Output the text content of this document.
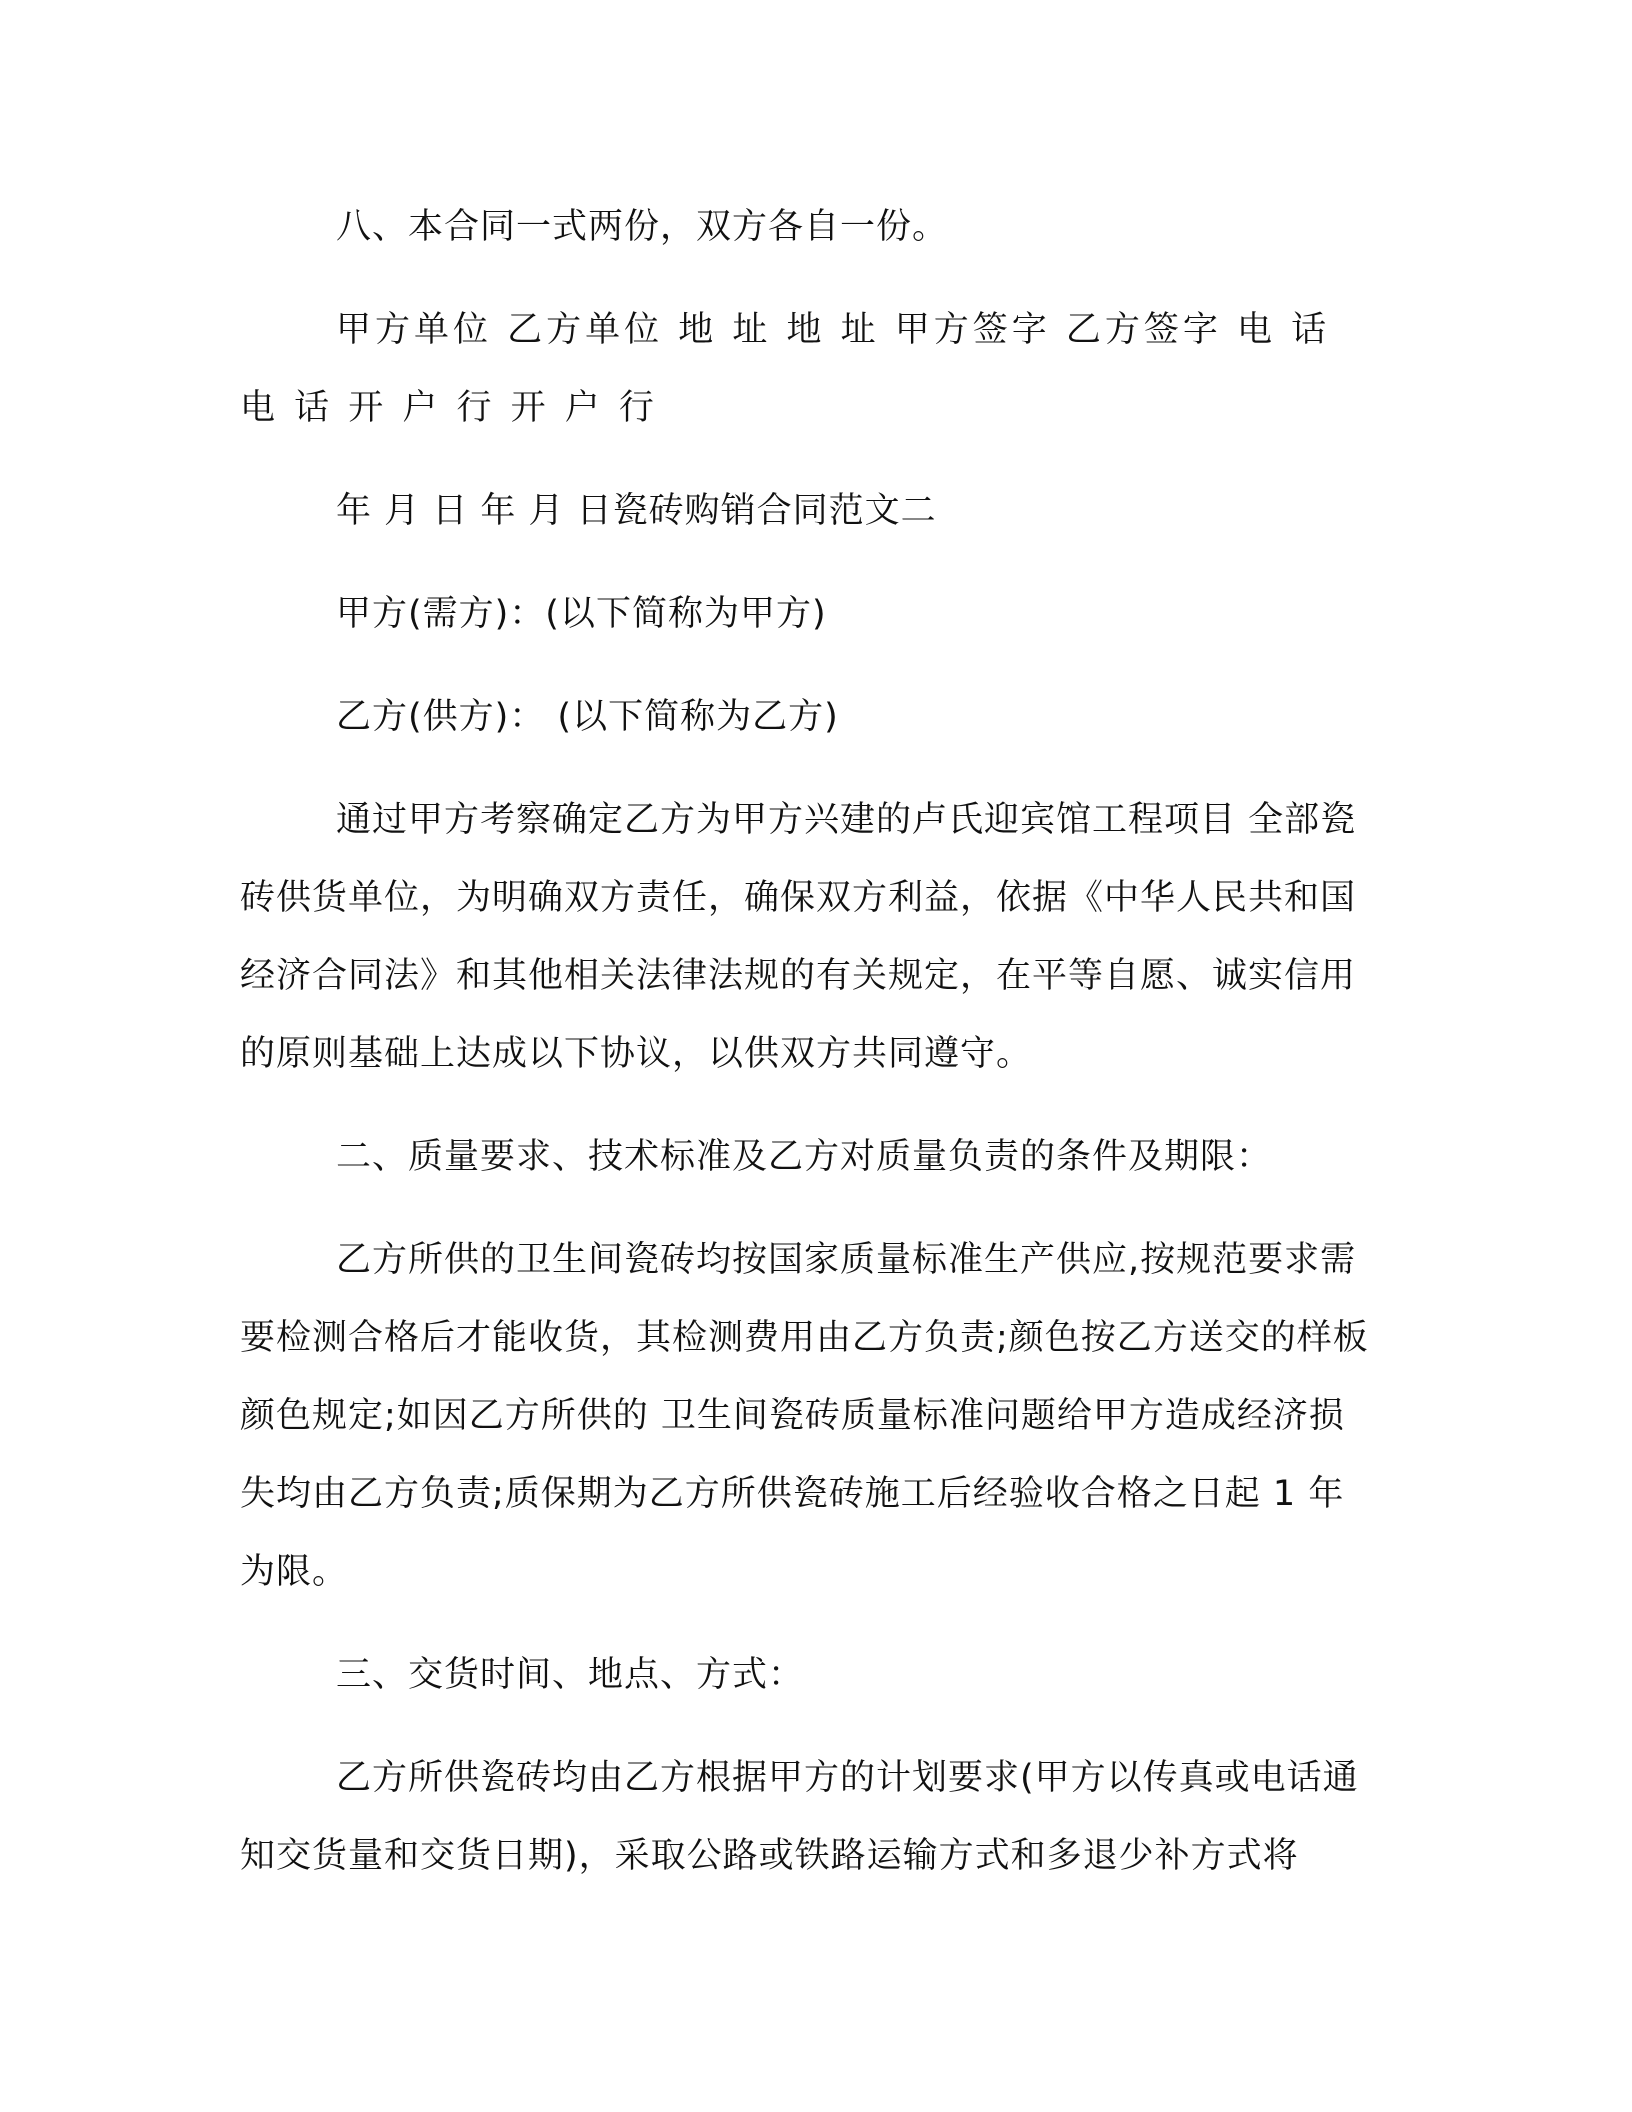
八、本合同一式两份，双方各自一份。

甲方单位 乙方单位 地 址 地 址 甲方签字 乙方签字 电 话 电 话 开 户 行 开 户 行

年 月 日 年 月 日瓷砖购销合同范文二

甲方(需方)：(以下简称为甲方)

乙方(供方)： (以下简称为乙方)

通过甲方考察确定乙方为甲方兴建的卢氏迎宾馆工程项目 全部瓷砖供货单位，为明确双方责任，确保双方利益，依据《中华人民共和国经济合同法》和其他相关法律法规的有关规定，在平等自愿、诚实信用的原则基础上达成以下协议，以供双方共同遵守。

二、质量要求、技术标准及乙方对质量负责的条件及期限：

乙方所供的卫生间瓷砖均按国家质量标准生产供应,按规范要求需要检测合格后才能收货，其检测费用由乙方负责;颜色按乙方送交的样板颜色规定;如因乙方所供的 卫生间瓷砖质量标准问题给甲方造成经济损失均由乙方负责;质保期为乙方所供瓷砖施工后经验收合格之日起 1 年为限。

三、交货时间、地点、方式：

乙方所供瓷砖均由乙方根据甲方的计划要求(甲方以传真或电话通知交货量和交货日期)，采取公路或铁路运输方式和多退少补方式将
